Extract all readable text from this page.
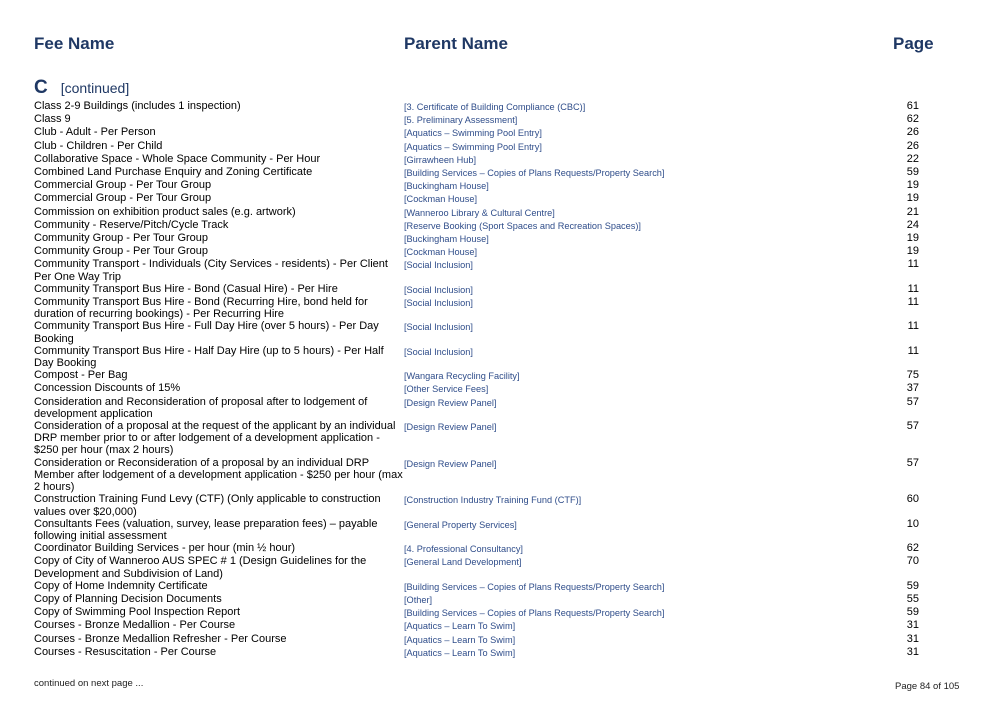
Fee Name	Parent Name	Page
C [continued]
Class 2-9 Buildings (includes 1 inspection)	[3. Certificate of Building Compliance (CBC)]	61
Class 9	[5. Preliminary Assessment]	62
Club - Adult - Per Person	[Aquatics – Swimming Pool Entry]	26
Club - Children - Per Child	[Aquatics – Swimming Pool Entry]	26
Collaborative Space - Whole Space Community - Per Hour	[Girrawheen Hub]	22
Combined Land Purchase Enquiry and Zoning Certificate	[Building Services – Copies of Plans Requests/Property Search]	59
Commercial Group - Per Tour Group	[Buckingham House]	19
Commercial Group - Per Tour Group	[Cockman House]	19
Commission on exhibition product sales (e.g. artwork)	[Wanneroo Library & Cultural Centre]	21
Community - Reserve/Pitch/Cycle Track	[Reserve Booking (Sport Spaces and Recreation Spaces)]	24
Community Group - Per Tour Group	[Buckingham House]	19
Community Group - Per Tour Group	[Cockman House]	19
Community Transport - Individuals (City Services - residents) - Per Client Per One Way Trip
[Social Inclusion]	11
Community Transport Bus Hire - Bond (Casual Hire) - Per Hire	[Social Inclusion]	11
Community Transport Bus Hire - Bond (Recurring Hire, bond held for duration of recurring bookings) - Per Recurring Hire
[Social Inclusion]	11
Community Transport Bus Hire - Full Day Hire (over 5 hours) - Per Day Booking
[Social Inclusion]	11
Community Transport Bus Hire - Half Day Hire (up to 5 hours) - Per Half Day Booking
[Social Inclusion]	11
Compost - Per Bag	[Wangara Recycling Facility]	75
Concession Discounts of 15%	[Other Service Fees]	37
Consideration and Reconsideration of proposal after to lodgement of development application
[Design Review Panel]	57
Consideration of a proposal at the request of the applicant by an individual DRP member prior to or after lodgement of a development application - $250 per hour (max 2 hours)
[Design Review Panel]	57
Consideration or Reconsideration of a proposal by an individual DRP Member after lodgement of a development application - $250 per hour (max 2 hours)
[Design Review Panel]	57
Construction Training Fund Levy (CTF) (Only applicable to construction values over $20,000)
[Construction Industry Training Fund (CTF)]	60
Consultants Fees (valuation, survey, lease preparation fees) – payable following initial assessment
[General Property Services]	10
Coordinator Building Services - per hour (min ½ hour)	[4. Professional Consultancy]	62
Copy of City of Wanneroo AUS SPEC # 1 (Design Guidelines for the Development and Subdivision of Land)
[General Land Development]	70
Copy of Home Indemnity Certificate	[Building Services – Copies of Plans Requests/Property Search]	59
Copy of Planning Decision Documents	[Other]	55
Copy of Swimming Pool Inspection Report	[Building Services – Copies of Plans Requests/Property Search]	59
Courses - Bronze Medallion - Per Course	[Aquatics – Learn To Swim]	31
Courses - Bronze Medallion Refresher - Per Course	[Aquatics – Learn To Swim]	31
Courses - Resuscitation - Per Course	[Aquatics – Learn To Swim]	31
continued on next page ...	Page 84 of 105
